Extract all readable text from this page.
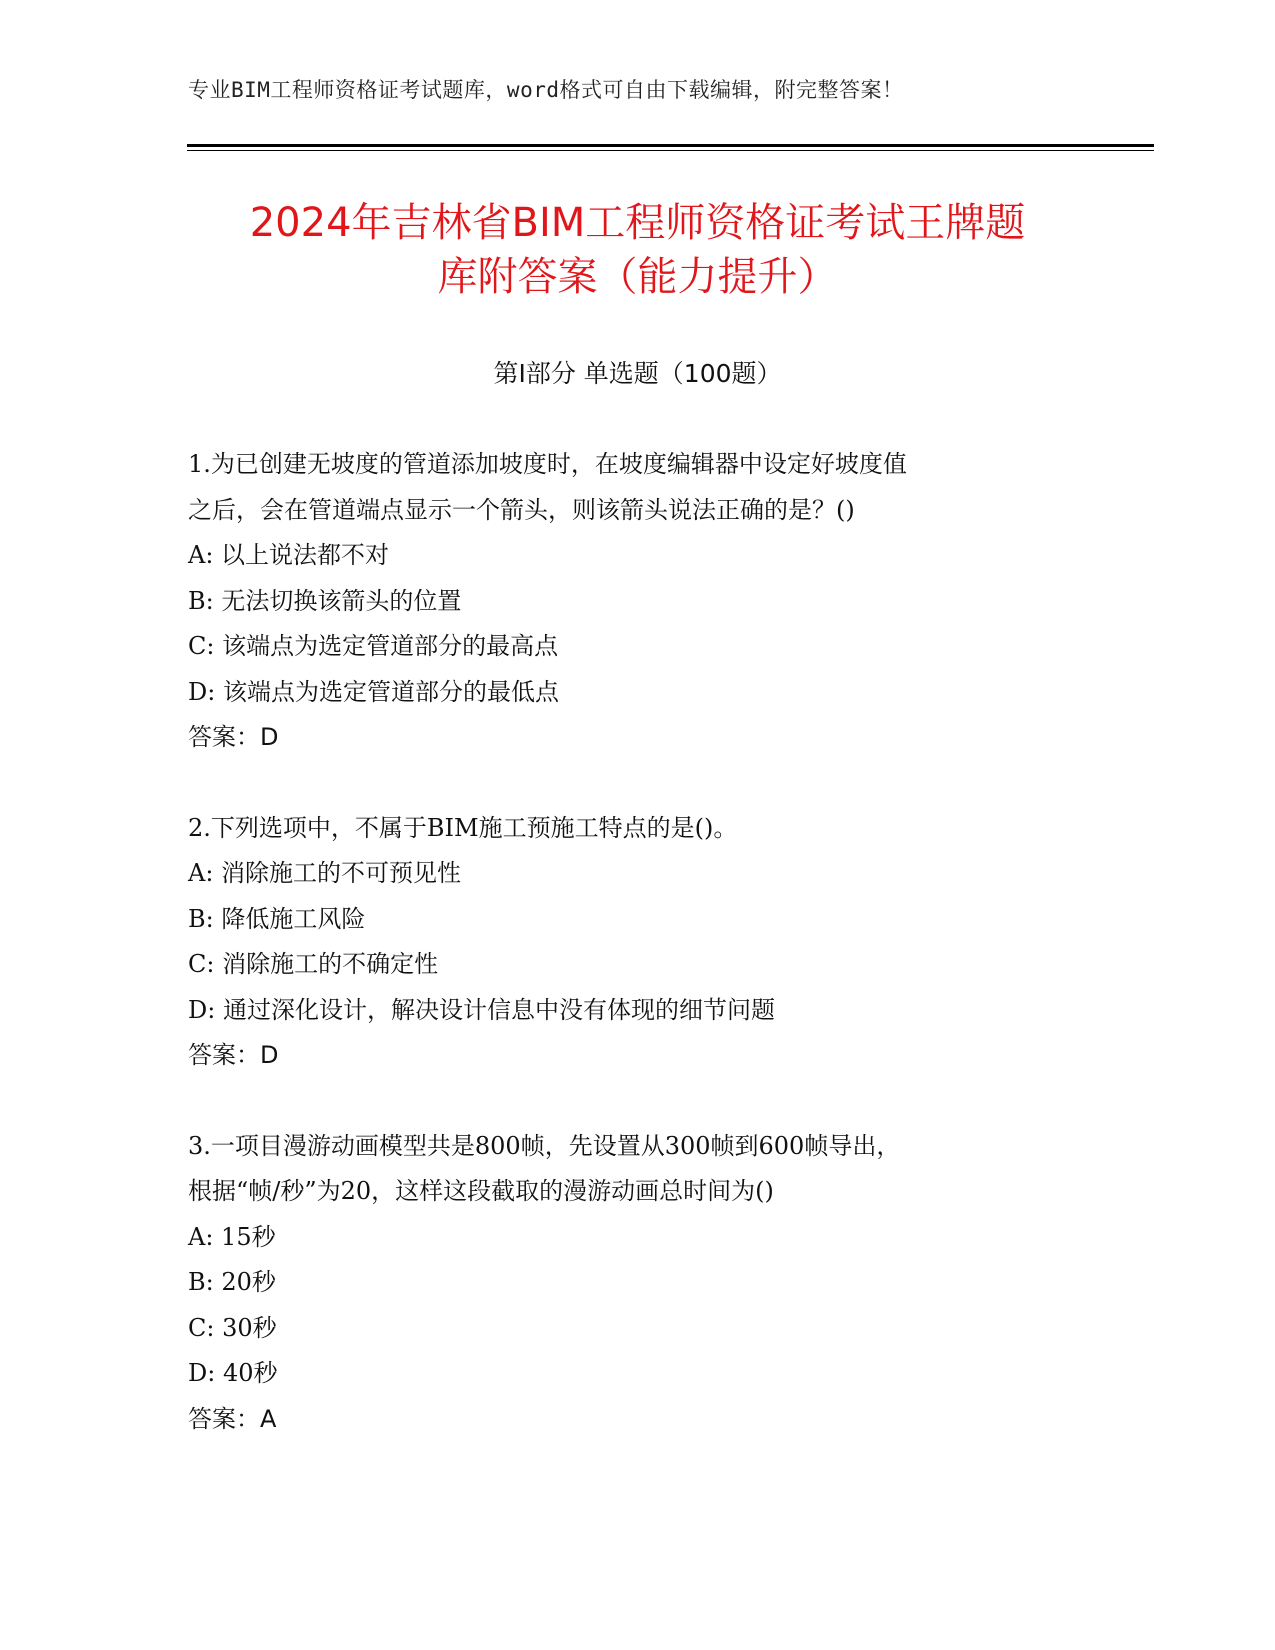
专业BIM工程师资格证考试题库，word格式可自由下载编辑，附完整答案！
2024年吉林省BIM工程师资格证考试王牌题
库附答案（能力提升）
第I部分 单选题（100题）

1.为已创建无坡度的管道添加坡度时，在坡度编辑器中设定好坡度值

之后，会在管道端点显示一个箭头，则该箭头说法正确的是？()

A: 以上说法都不对

B: 无法切换该箭头的位置

C: 该端点为选定管道部分的最高点

D: 该端点为选定管道部分的最低点

答案：D

2.下列选项中，不属于BIM施工预施工特点的是()。

A: 消除施工的不可预见性

B: 降低施工风险

C: 消除施工的不确定性

D: 通过深化设计，解决设计信息中没有体现的细节问题

答案：D

3.一项目漫游动画模型共是800帧，先设置从300帧到600帧导出，

根据“帧/秒”为20，这样这段截取的漫游动画总时间为()

A: 15秒

B: 20秒

C: 30秒

D: 40秒

答案：A
